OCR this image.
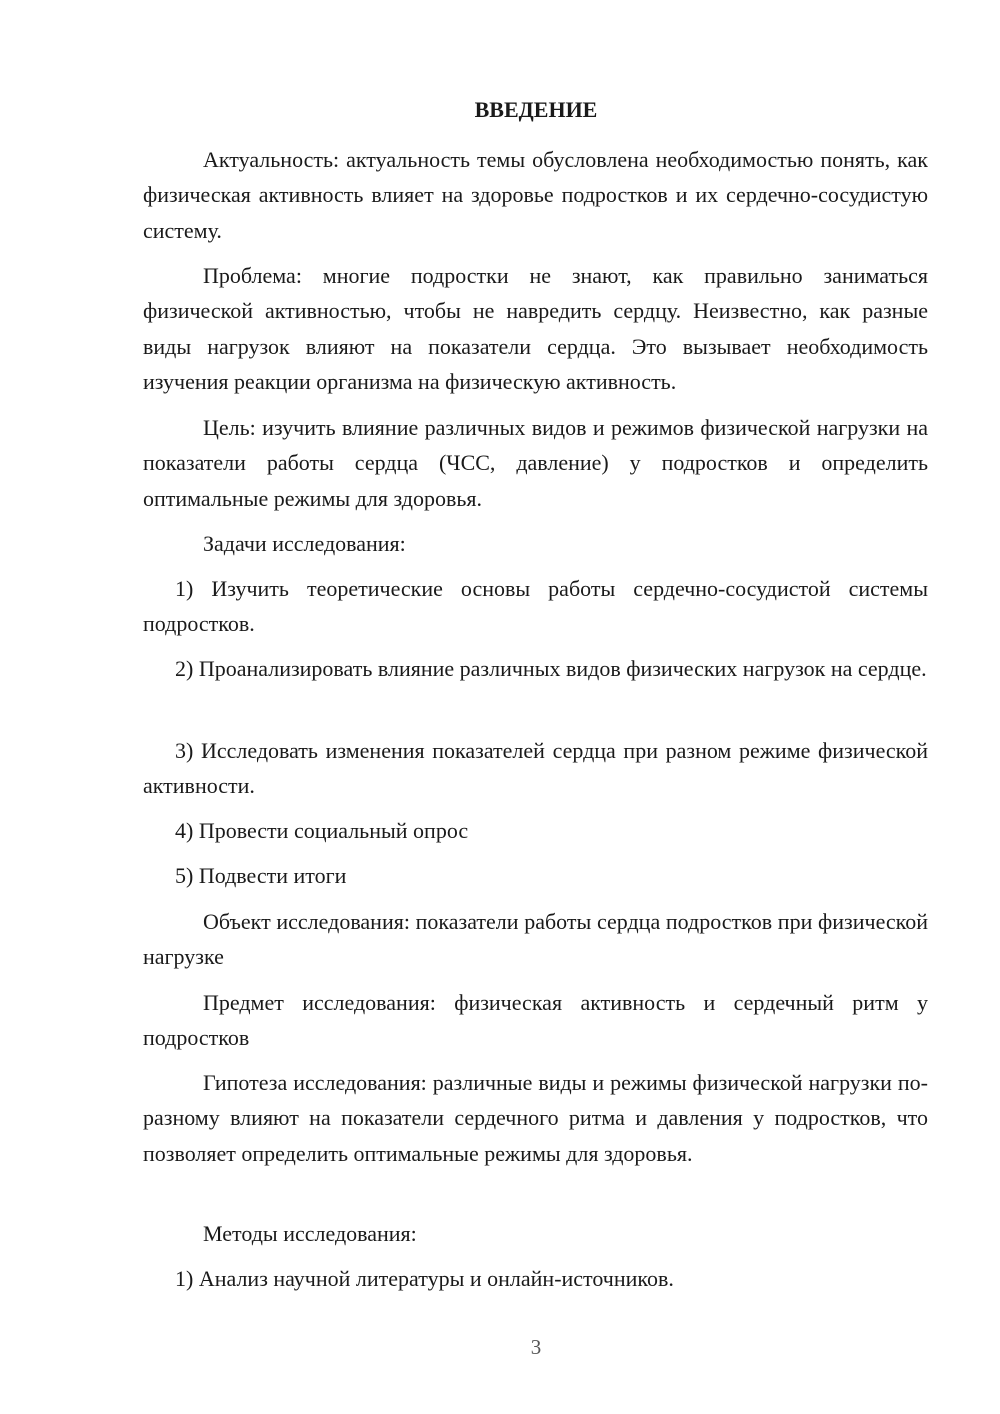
ВВЕДЕНИЕ

Актуальность: актуальность темы обусловлена необходимостью понять, как физическая активность влияет на здоровье подростков и их сердечно-сосудистую систему.

Проблема: многие подростки не знают, как правильно заниматься физической активностью, чтобы не навредить сердцу. Неизвестно, как разные виды нагрузок влияют на показатели сердца. Это вызывает необходимость изучения реакции организма на физическую активность.

Цель: изучить влияние различных видов и режимов физической нагрузки на показатели работы сердца (ЧСС, давление) у подростков и определить оптимальные режимы для здоровья.

Задачи исследования:

1) Изучить теоретические основы работы сердечно-сосудистой системы подростков.

2) Проанализировать влияние различных видов физических нагрузок на сердце.

3) Исследовать изменения показателей сердца при разном режиме физической активности.

4) Провести социальный опрос

5) Подвести итоги

Объект исследования: показатели работы сердца подростков при физической нагрузке

Предмет исследования: физическая активность и сердечный ритм у подростков

Гипотеза исследования: различные виды и режимы физической нагрузки по-разному влияют на показатели сердечного ритма и давления у подростков, что позволяет определить оптимальные режимы для здоровья.

Методы исследования:

1) Анализ научной литературы и онлайн-источников.

3
